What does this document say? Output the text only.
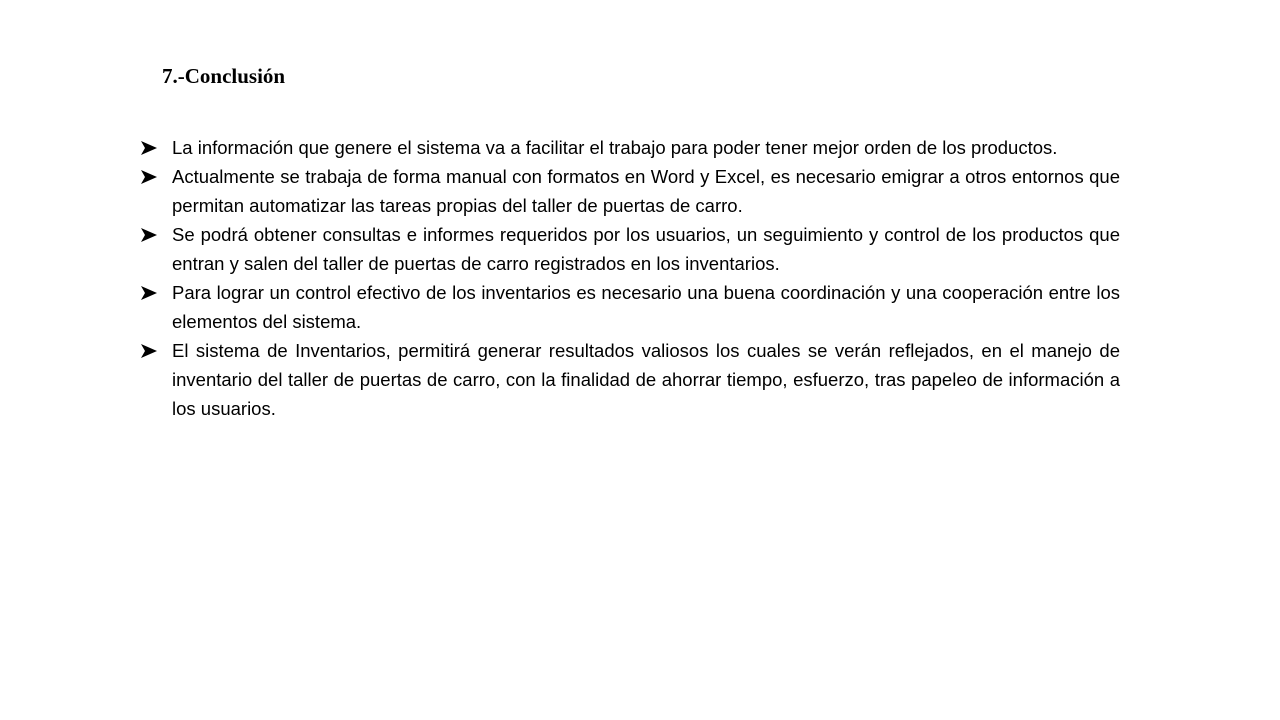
7.-Conclusión
La información que genere el sistema va a facilitar el trabajo para poder tener mejor orden de los productos.
Actualmente se trabaja de forma manual con formatos en Word y Excel, es necesario emigrar a otros entornos que permitan automatizar las tareas propias del taller de puertas de carro.
Se podrá obtener consultas e informes requeridos por los usuarios, un seguimiento y control de los productos que entran y salen del taller de puertas de carro registrados en los inventarios.
Para lograr un control efectivo de los inventarios es necesario una buena coordinación y una cooperación entre los elementos del sistema.
El sistema de Inventarios, permitirá generar resultados valiosos los cuales se verán reflejados, en el manejo de inventario del taller de puertas de carro, con la finalidad de ahorrar tiempo, esfuerzo, tras papeleo de información a los usuarios.
